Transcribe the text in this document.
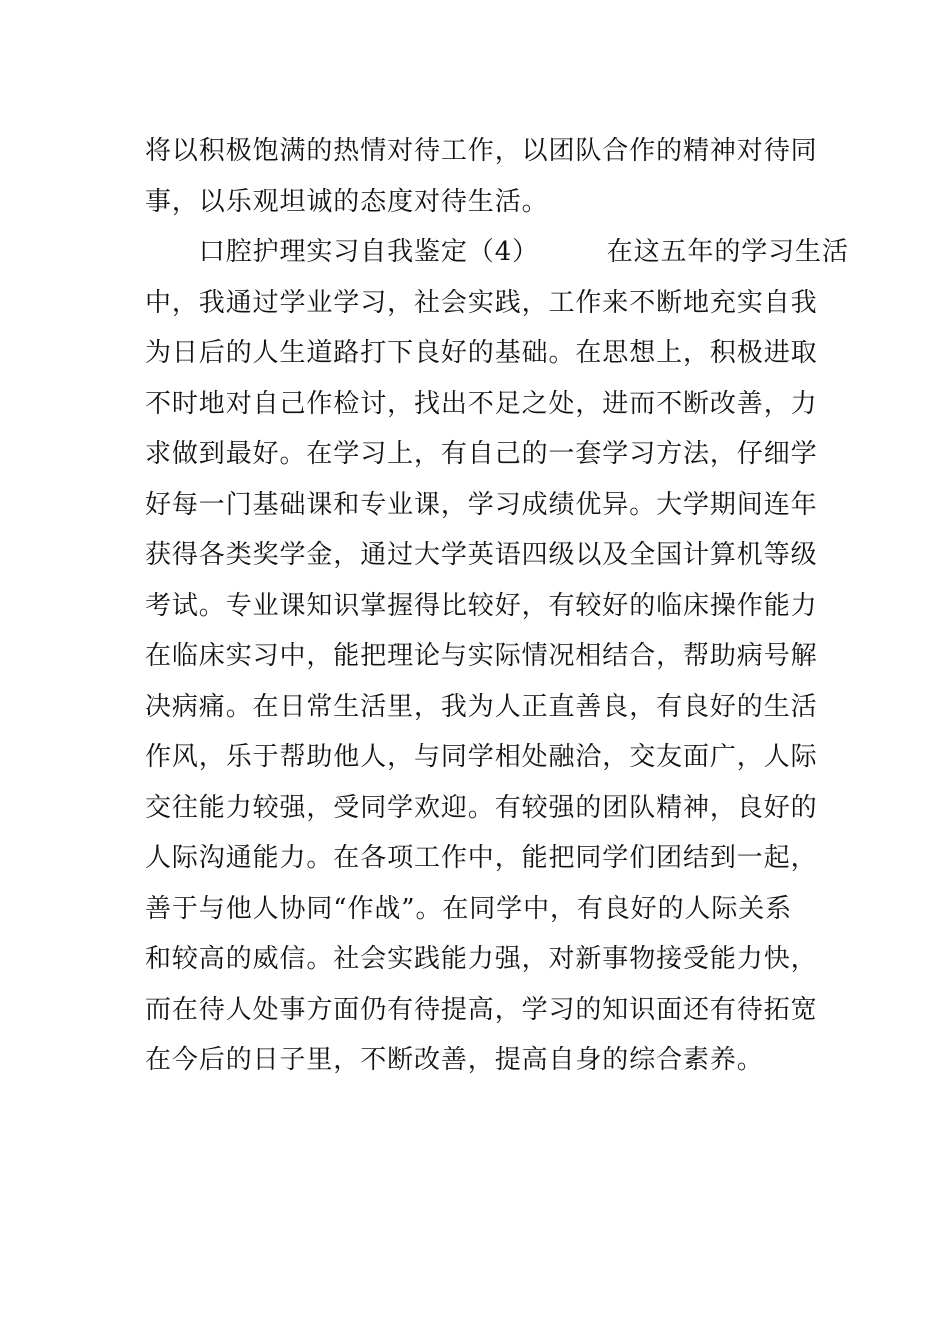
将以积极饱满的热情对待工作，以团队合作的精神对待同
事，以乐观坦诚的态度对待生活。
　　口腔护理实习自我鉴定（4）　　　在这五年的学习生活
中，我通过学业学习，社会实践，工作来不断地充实自我
为日后的人生道路打下良好的基础。在思想上，积极进取
不时地对自己作检讨，找出不足之处，进而不断改善，力
求做到最好。在学习上，有自己的一套学习方法，仔细学
好每一门基础课和专业课，学习成绩优异。大学期间连年
获得各类奖学金，通过大学英语四级以及全国计算机等级
考试。专业课知识掌握得比较好，有较好的临床操作能力
在临床实习中，能把理论与实际情况相结合，帮助病号解
决病痛。在日常生活里，我为人正直善良，有良好的生活
作风，乐于帮助他人，与同学相处融洽，交友面广，人际
交往能力较强，受同学欢迎。有较强的团队精神，良好的
人际沟通能力。在各项工作中，能把同学们团结到一起，
善于与他人协同“作战”。在同学中，有良好的人际关系
和较高的威信。社会实践能力强，对新事物接受能力快，
而在待人处事方面仍有待提高，学习的知识面还有待拓宽
在今后的日子里，不断改善，提高自身的综合素养。
